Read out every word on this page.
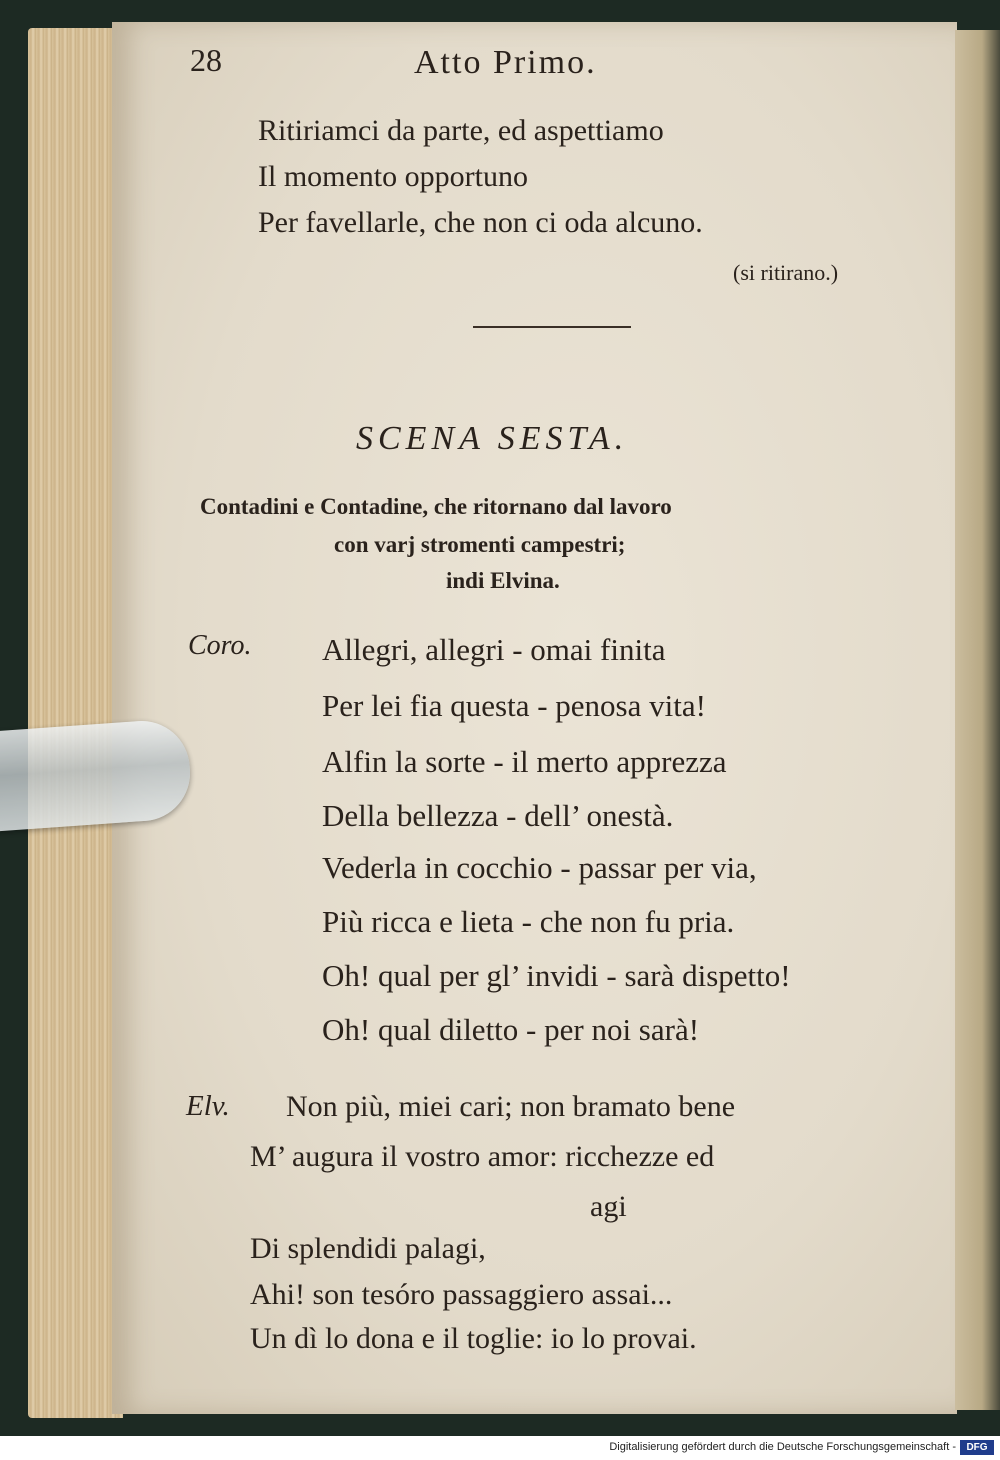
28	Atto Primo.
Ritiriamci da parte, ed aspettiamo
Il momento opportuno
Per favellarle, che non ci oda alcuno.
(si ritirano.)
SCENA SESTA.
Contadini e Contadine, che ritornano dal lavoro
con varj stromenti campestri;
indi Elvina.
Coro. Allegri, allegri - omai finita
Per lei fia questa - penosa vita!
Alfin la sorte - il merto apprezza
Della bellezza - dell’ onestà.
Vederla in cocchio - passar per via,
Più ricca e lieta - che non fu pria.
Oh! qual per gl’ invidi - sarà dispetto!
Oh! qual diletto - per noi sarà!
Elv. Non più, miei cari; non bramato bene
M’ augura il vostro amor: ricchezze ed
agi
Di splendidi palagi,
Ahi! son tesóro passaggiero assai...
Un dì lo dona e il toglie: io lo provai.
Digitalisierung gefördert durch die Deutsche Forschungsgemeinschaft -	DFG
